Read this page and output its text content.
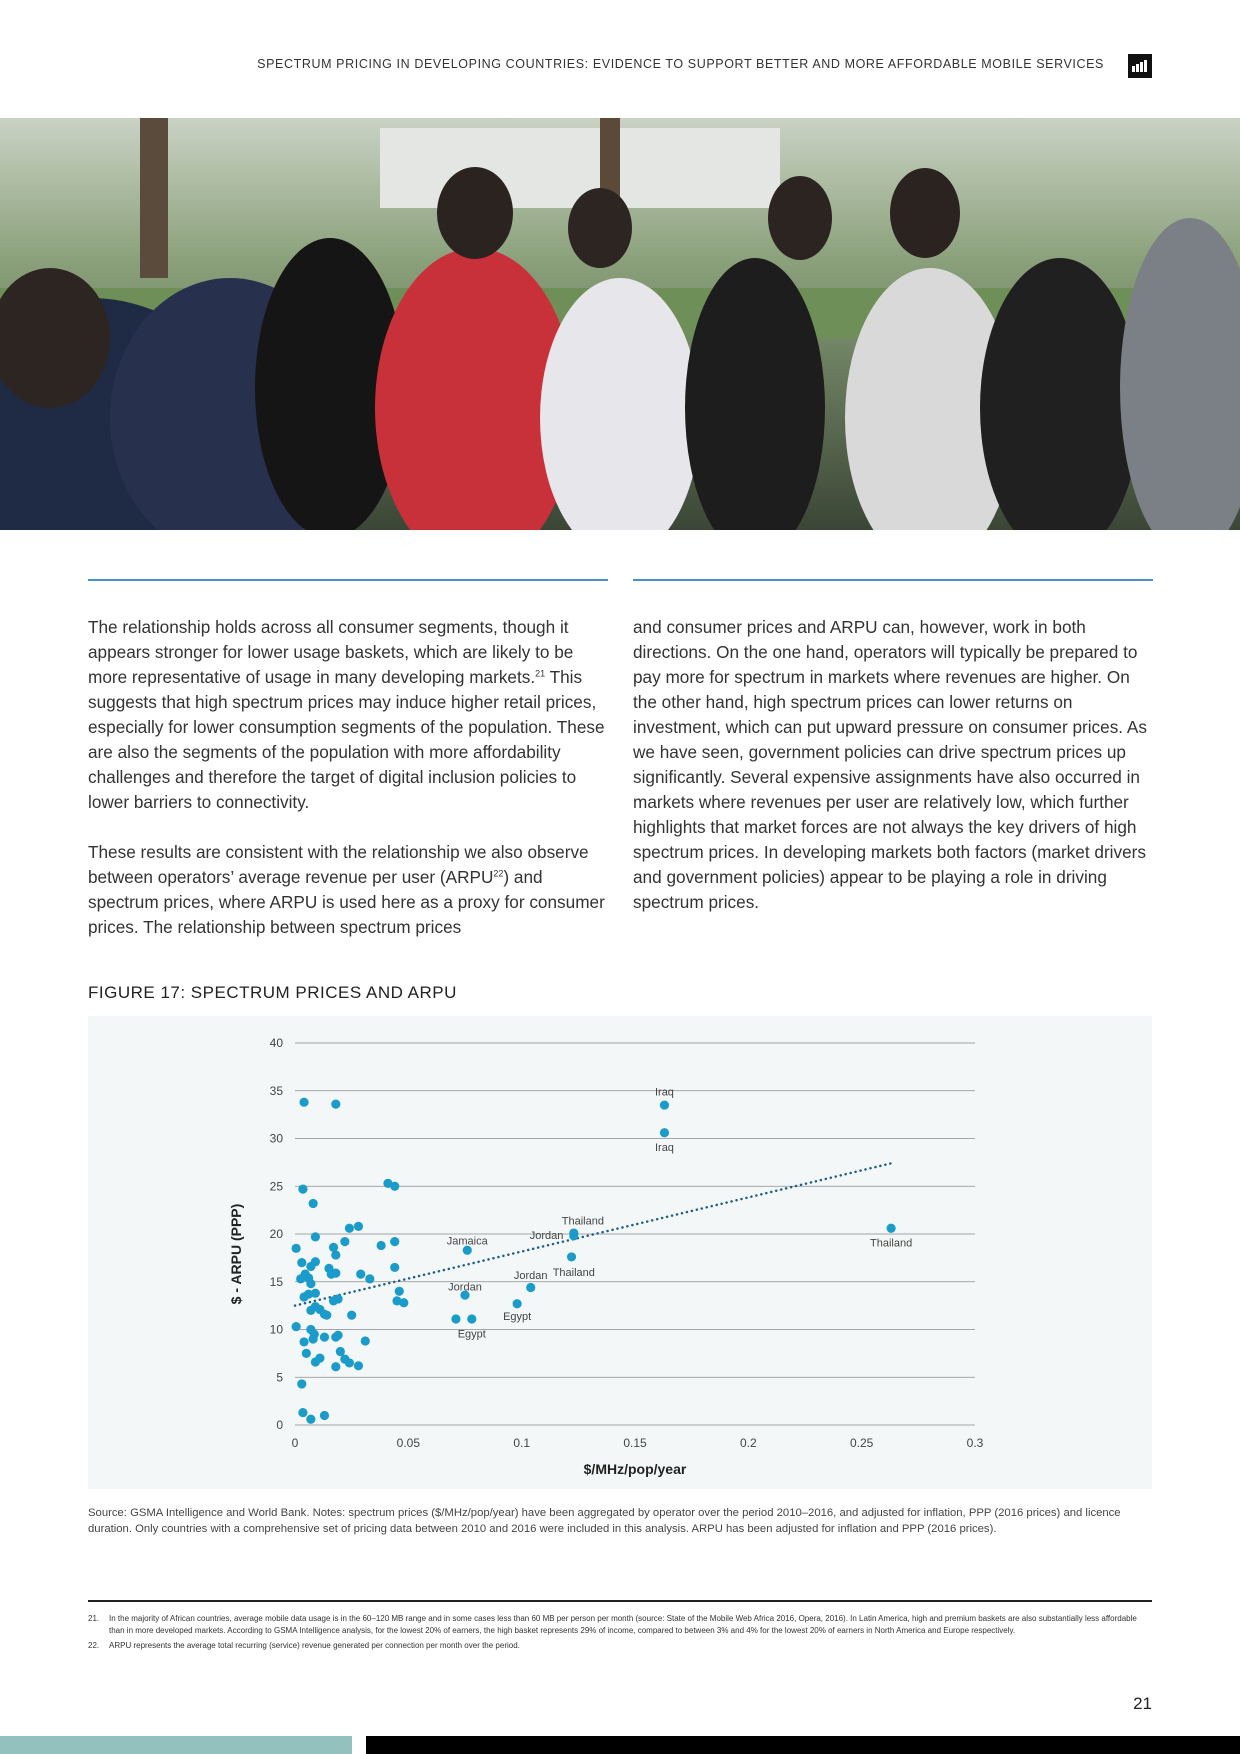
SPECTRUM PRICING IN DEVELOPING COUNTRIES: EVIDENCE TO SUPPORT BETTER AND MORE AFFORDABLE MOBILE SERVICES

The relationship holds across all consumer segments, though it appears stronger for lower usage baskets, which are likely to be more representative of usage in many developing markets.$^{21}$ This suggests that high spectrum prices may induce higher retail prices, especially for lower consumption segments of the population. These are also the segments of the population with more affordability challenges and therefore the target of digital inclusion policies to lower barriers to connectivity.

These results are consistent with the relationship we also observe between operators’ average revenue per user (ARPU$^{22}$) and spectrum prices, where ARPU is used here as a proxy for consumer prices. The relationship between spectrum prices

and consumer prices and ARPU can, however, work in both directions. On the one hand, operators will typically be prepared to pay more for spectrum in markets where revenues are higher. On the other hand, high spectrum prices can lower returns on investment, which can put upward pressure on consumer prices. As we have seen, government policies can drive spectrum prices up significantly. Several expensive assignments have also occurred in markets where revenues per user are relatively low, which further highlights that market forces are not always the key drivers of high spectrum prices. In developing markets both factors (market drivers and government policies) appear to be playing a role in driving spectrum prices.

FIGURE 17: SPECTRUM PRICES AND ARPU
0
5
10
15
20
25
30
35
40
0	0.05	0.1	0.15	0.2	0.25	0.3
$/MHz/pop/year
$ - ARPU (PPP)
Iraq
Iraq
Thailand
Jordan
Jamaica
Thailand
Jordan
Jordan
Egypt
Egypt
Thailand
Source: GSMA Intelligence and World Bank. Notes: spectrum prices ($/MHz/pop/year) have been aggregated by operator over the period 2010–2016, and adjusted for inflation, PPP (2016 prices) and licence duration. Only countries with a comprehensive set of pricing data between 2010 and 2016 were included in this analysis. ARPU has been adjusted for inflation and PPP (2016 prices).
21.	In the majority of African countries, average mobile data usage is in the 60–120 MB range and in some cases less than 60 MB per person per month (source: State of the Mobile Web Africa 2016, Opera, 2016). In Latin America, high and premium baskets are also substantially less affordable than in more developed markets. According to GSMA Intelligence analysis, for the lowest 20% of earners, the high basket represents 29% of income, compared to between 3% and 4% for the lowest 20% of earners in North America and Europe respectively.
22.	ARPU represents the average total recurring (service) revenue generated per connection per month over the period.
21
